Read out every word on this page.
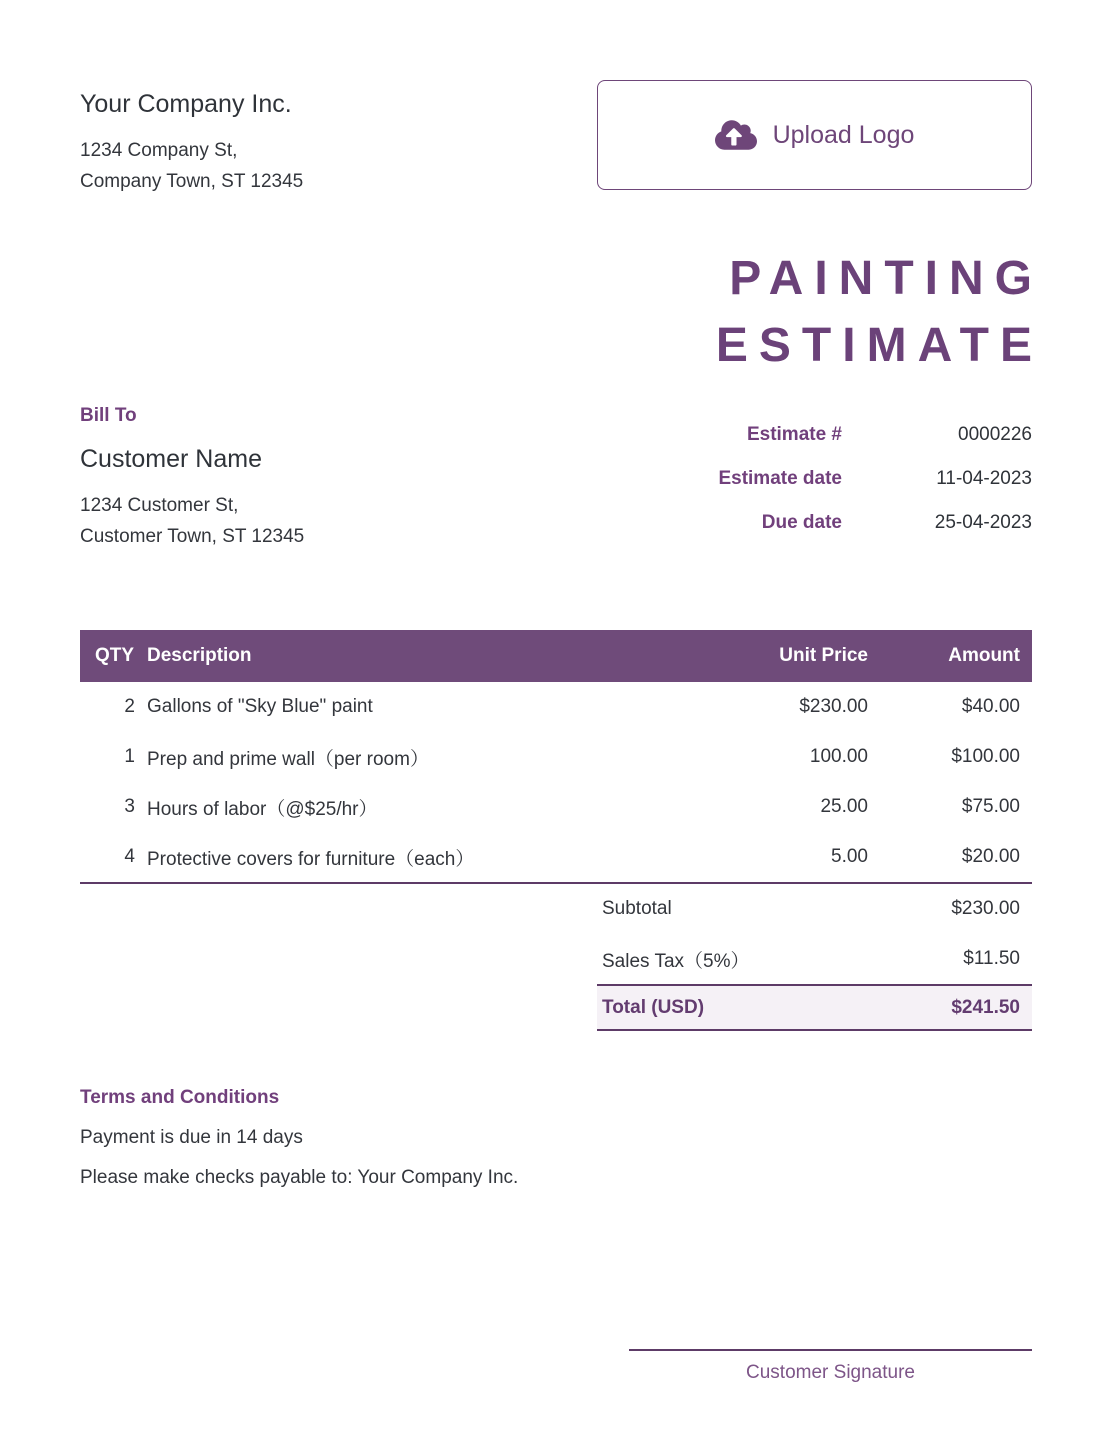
Your Company Inc.
1234 Company St,
Company Town, ST 12345
Upload Logo
PAINTING
ESTIMATE
Bill To
Customer Name
1234 Customer St,
Customer Town, ST 12345
Estimate #	0000226
Estimate date	11-04-2023
Due date	25-04-2023
QTY	Description	Unit Price	Amount
2	Gallons of "Sky Blue" paint	$230.00	$40.00
1	Prep and prime wall（per room）	100.00	$100.00
3	Hours of labor（@$25/hr）	25.00	$75.00
4	Protective covers for furniture（each）	5.00	$20.00
Subtotal	$230.00
Sales Tax（5%）	$11.50
Total (USD)	$241.50
Terms and Conditions
Payment is due in 14 days
Please make checks payable to: Your Company Inc.
Customer Signature
